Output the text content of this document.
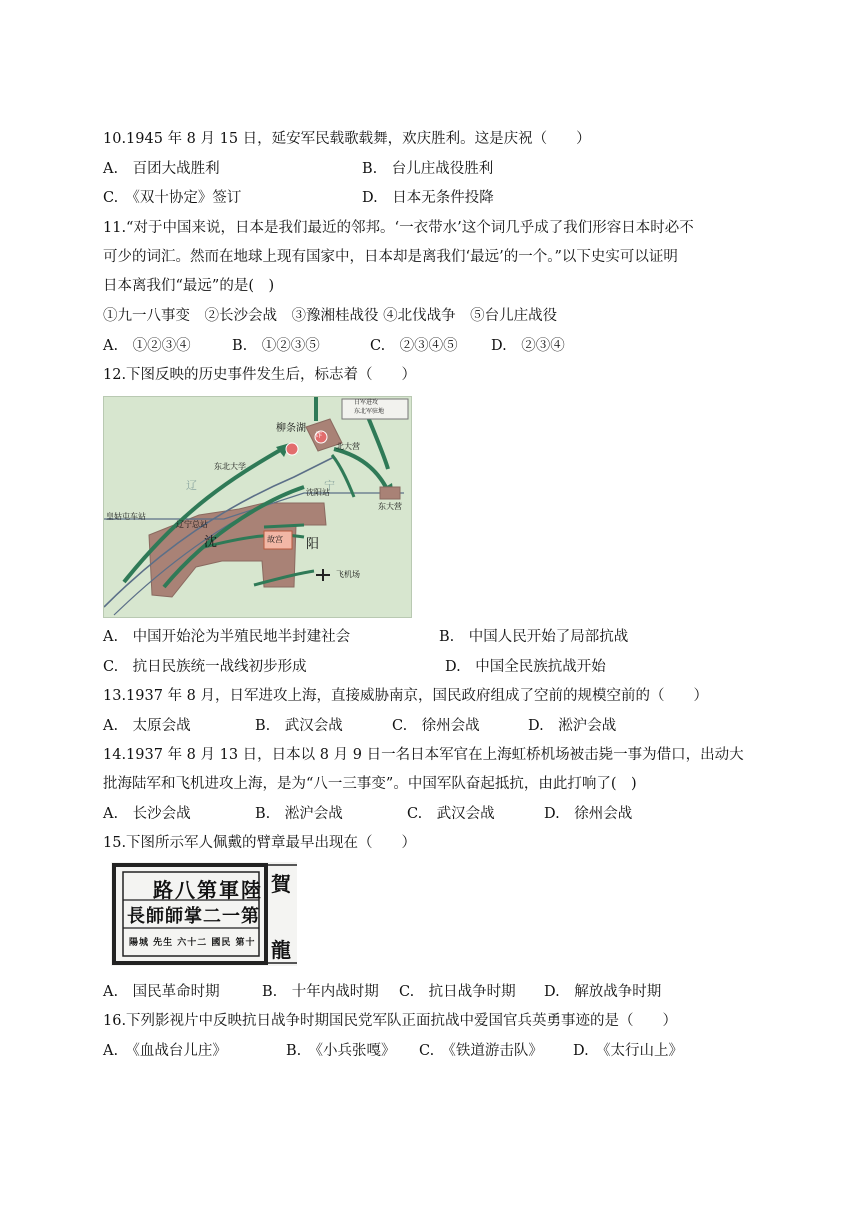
10.1945 年 8 月 15 日，延安军民载歌载舞，欢庆胜利。这是庆祝（　　）
A.　百团大战胜利	B.　台儿庄战役胜利
C.　《双十协定》签订	D.　日本无条件投降
11.“对于中国来说，日本是我们最近的邻邦。‘一衣带水’这个词几乎成了我们形容日本时必不
可少的词汇。然而在地球上现有国家中，日本却是离我们‘最远’的一个。”以下史实可以证明
日本离我们“最远”的是(　)
①九一八事变　②长沙会战　③豫湘桂战役 ④北伐战争　⑤台儿庄战役
A.　①②③④	B.　①②③⑤	C.　②③④⑤ D.　②③④
12.下图反映的历史事件发生后，标志着（　　）
柳条湖
北大营
东北大学
辽	宁
沈阳站
皇姑屯车站
辽宁总站
沈	阳
故宫
东大营
飞机场
日军进攻
东北军驻地
炸
A.　中国开始沦为半殖民地半封建社会	B.　中国人民开始了局部抗战
C.　抗日民族统一战线初步形成	D.　中国全民族抗战开始
13.1937 年 8 月，日军进攻上海，直接威胁南京，国民政府组成了空前的规模空前的（　　）
A.　太原会战	B.　武汉会战	C.　徐州会战	D.　淞沪会战
14.1937 年 8 月 13 日，日本以 8 月 9 日一名日本军官在上海虹桥机场被击毙一事为借口，出动大
批海陆军和飞机进攻上海，是为“八一三事变”。中国军队奋起抵抗，由此打响了(　)
A.　长沙会战	B.　淞沪会战	C.　武汉会战	D.　徐州会战
15.下图所示军人佩戴的臂章最早出现在（　　）
路八第軍陸
長師師掌二一第
陽城 先生 六十二 國民 第十
賀
龍
A.　国民革命时期	B.　十年内战时期 C.　抗日战争时期 D.　解放战争时期
16.下列影视片中反映抗日战争时期国民党军队正面抗战中爱国官兵英勇事迹的是（　　）
A.　《血战台儿庄》	B.　《小兵张嘎》 C.　《铁道游击队》 D.　《太行山上》
